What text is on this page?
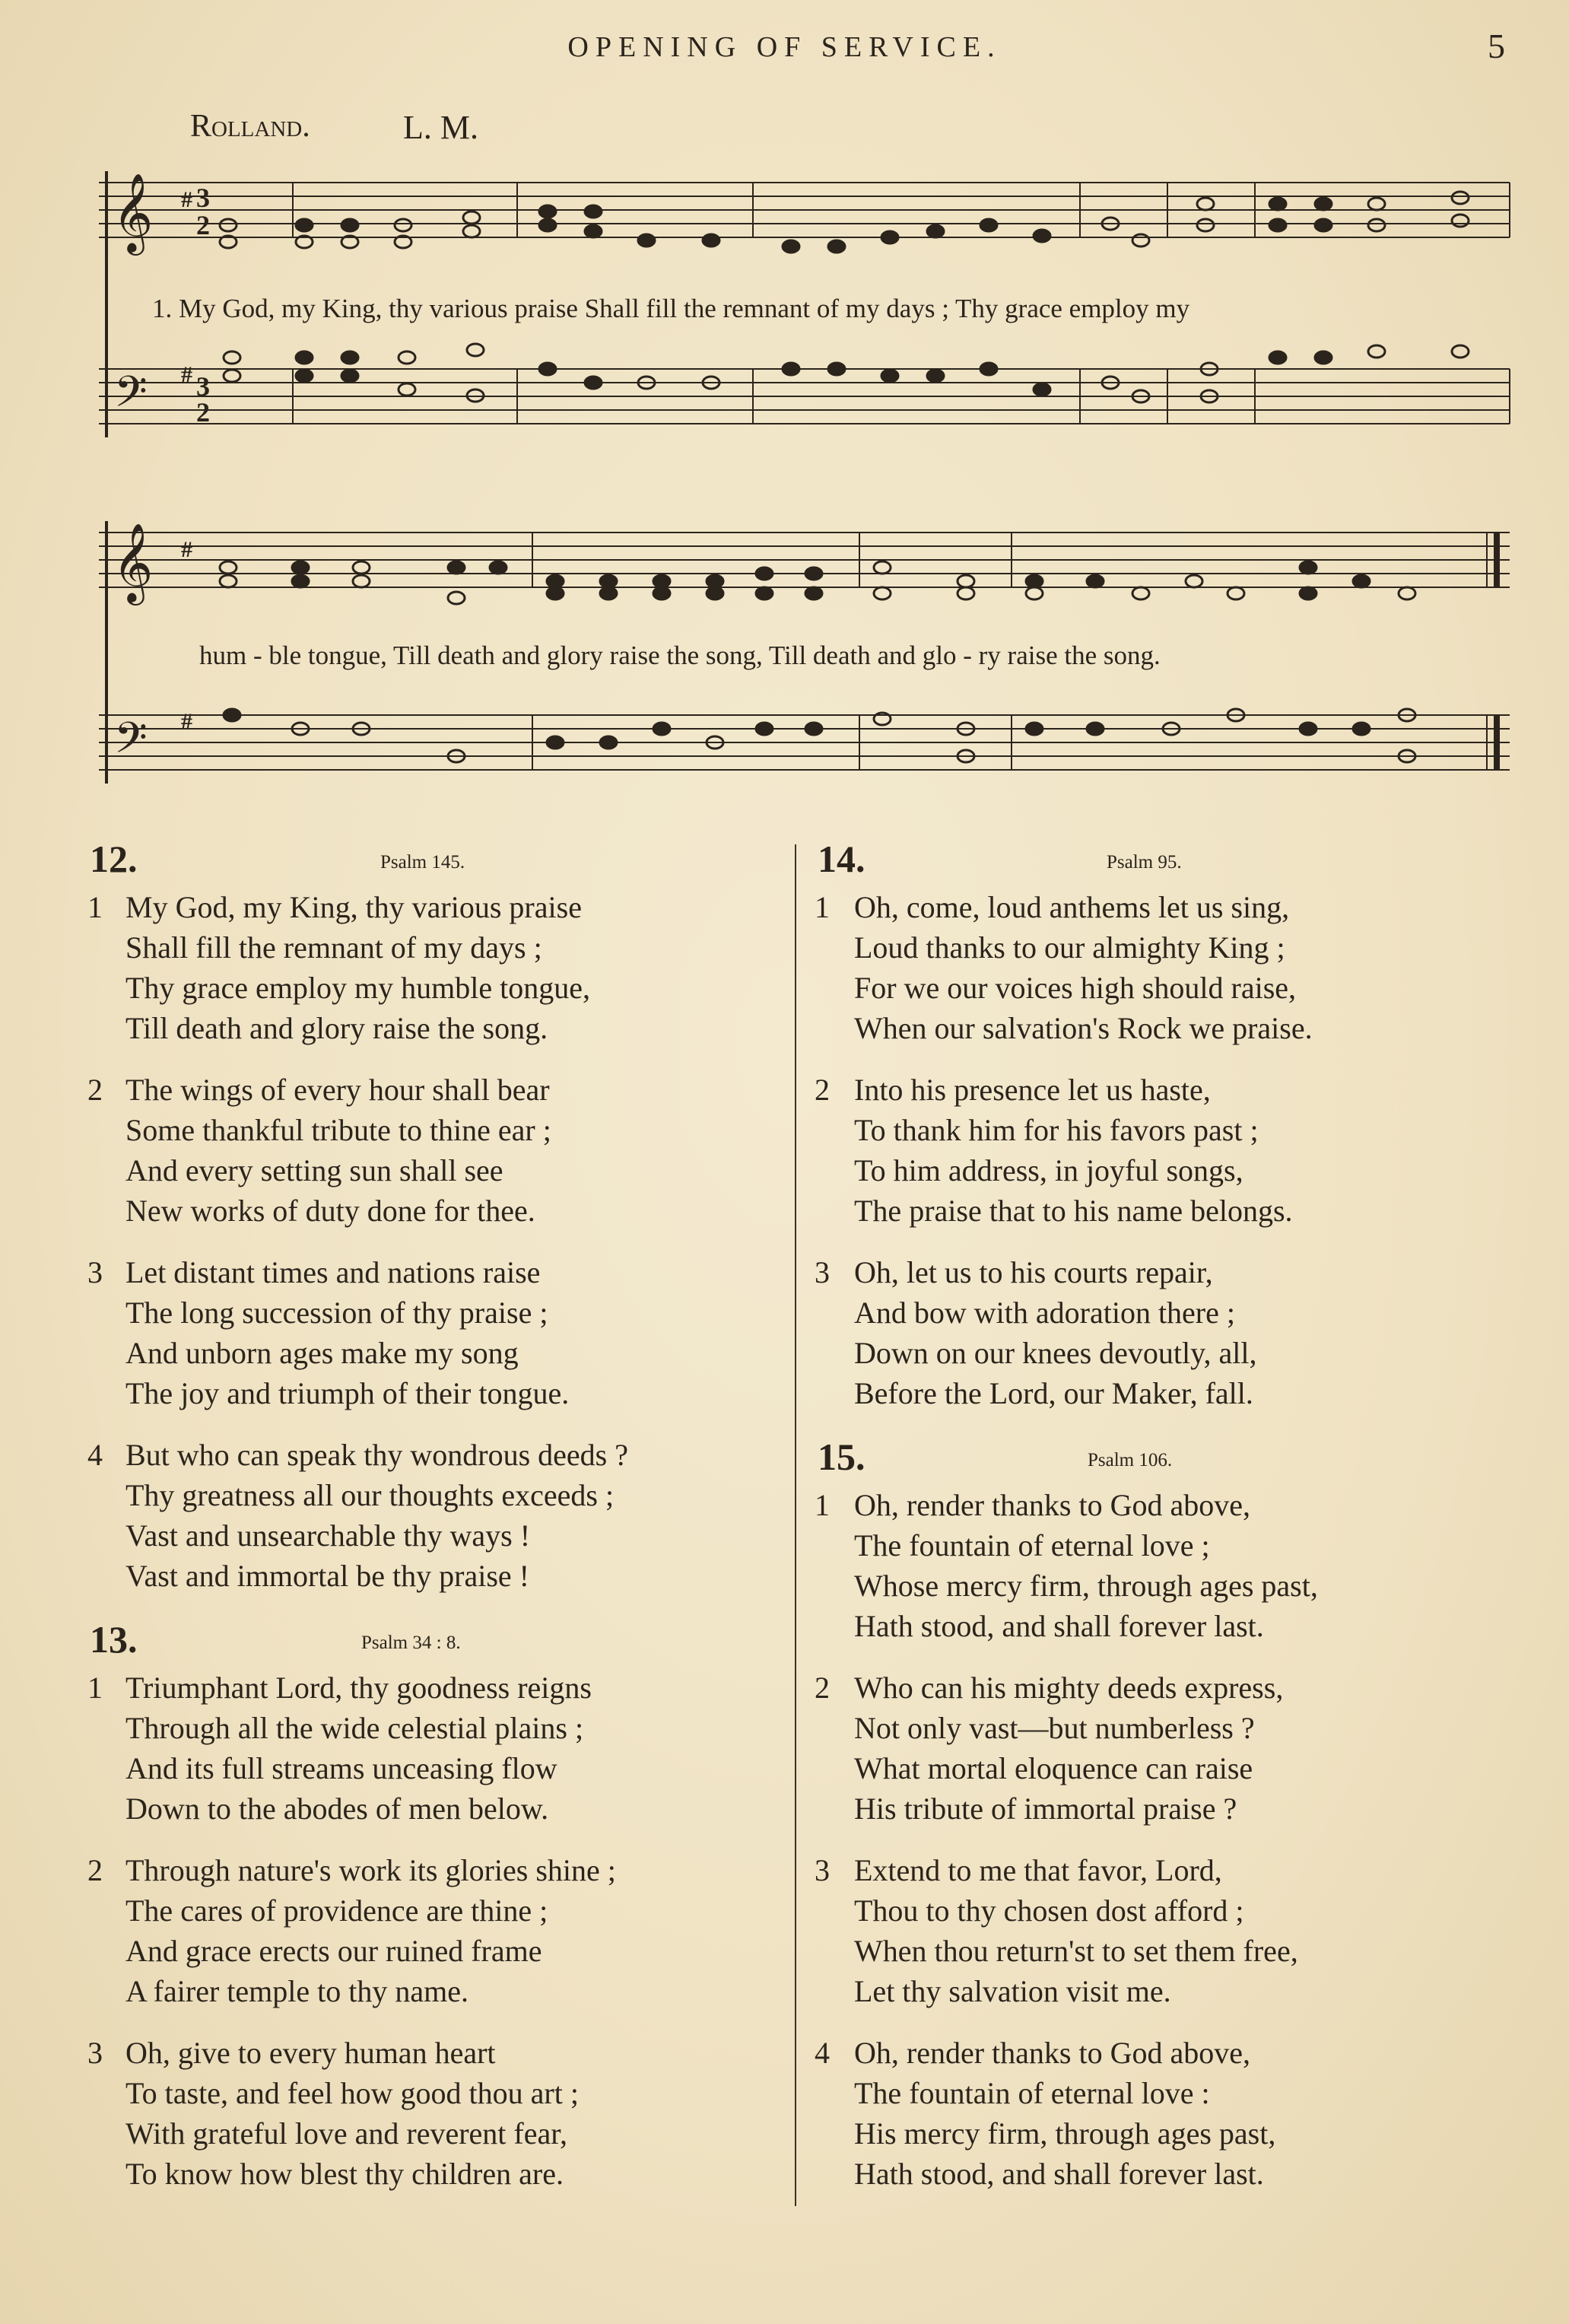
OPENING OF SERVICE.	5
Rolland.	L. M.
𝄞
𝄢
#
#
3
2
3
2
1. My God, my King, thy various praise Shall fill the remnant of my days ; Thy grace employ my
𝄞
𝄢
#
#
hum - ble tongue, Till death and glory raise the song, Till death and glo - ry raise the song.
12.	Psalm 145.
1 My God, my King, thy various praise
Shall fill the remnant of my days ;
Thy grace employ my humble tongue,
Till death and glory raise the song.
2 The wings of every hour shall bear
Some thankful tribute to thine ear ;
And every setting sun shall see
New works of duty done for thee.
3 Let distant times and nations raise
The long succession of thy praise ;
And unborn ages make my song
The joy and triumph of their tongue.
4 But who can speak thy wondrous deeds ?
Thy greatness all our thoughts exceeds ;
Vast and unsearchable thy ways !
Vast and immortal be thy praise !
13.	Psalm 34 : 8.
1 Triumphant Lord, thy goodness reigns
Through all the wide celestial plains ;
And its full streams unceasing flow
Down to the abodes of men below.
2 Through nature's work its glories shine ;
The cares of providence are thine ;
And grace erects our ruined frame
A fairer temple to thy name.
3 Oh, give to every human heart
To taste, and feel how good thou art ;
With grateful love and reverent fear,
To know how blest thy children are.
14.	Psalm 95.
1 Oh, come, loud anthems let us sing,
Loud thanks to our almighty King ;
For we our voices high should raise,
When our salvation's Rock we praise.
2 Into his presence let us haste,
To thank him for his favors past ;
To him address, in joyful songs,
The praise that to his name belongs.
3 Oh, let us to his courts repair,
And bow with adoration there ;
Down on our knees devoutly, all,
Before the Lord, our Maker, fall.
15.	Psalm 106.
1 Oh, render thanks to God above,
The fountain of eternal love ;
Whose mercy firm, through ages past,
Hath stood, and shall forever last.
2 Who can his mighty deeds express,
Not only vast—but numberless ?
What mortal eloquence can raise
His tribute of immortal praise ?
3 Extend to me that favor, Lord,
Thou to thy chosen dost afford ;
When thou return'st to set them free,
Let thy salvation visit me.
4 Oh, render thanks to God above,
The fountain of eternal love :
His mercy firm, through ages past,
Hath stood, and shall forever last.
